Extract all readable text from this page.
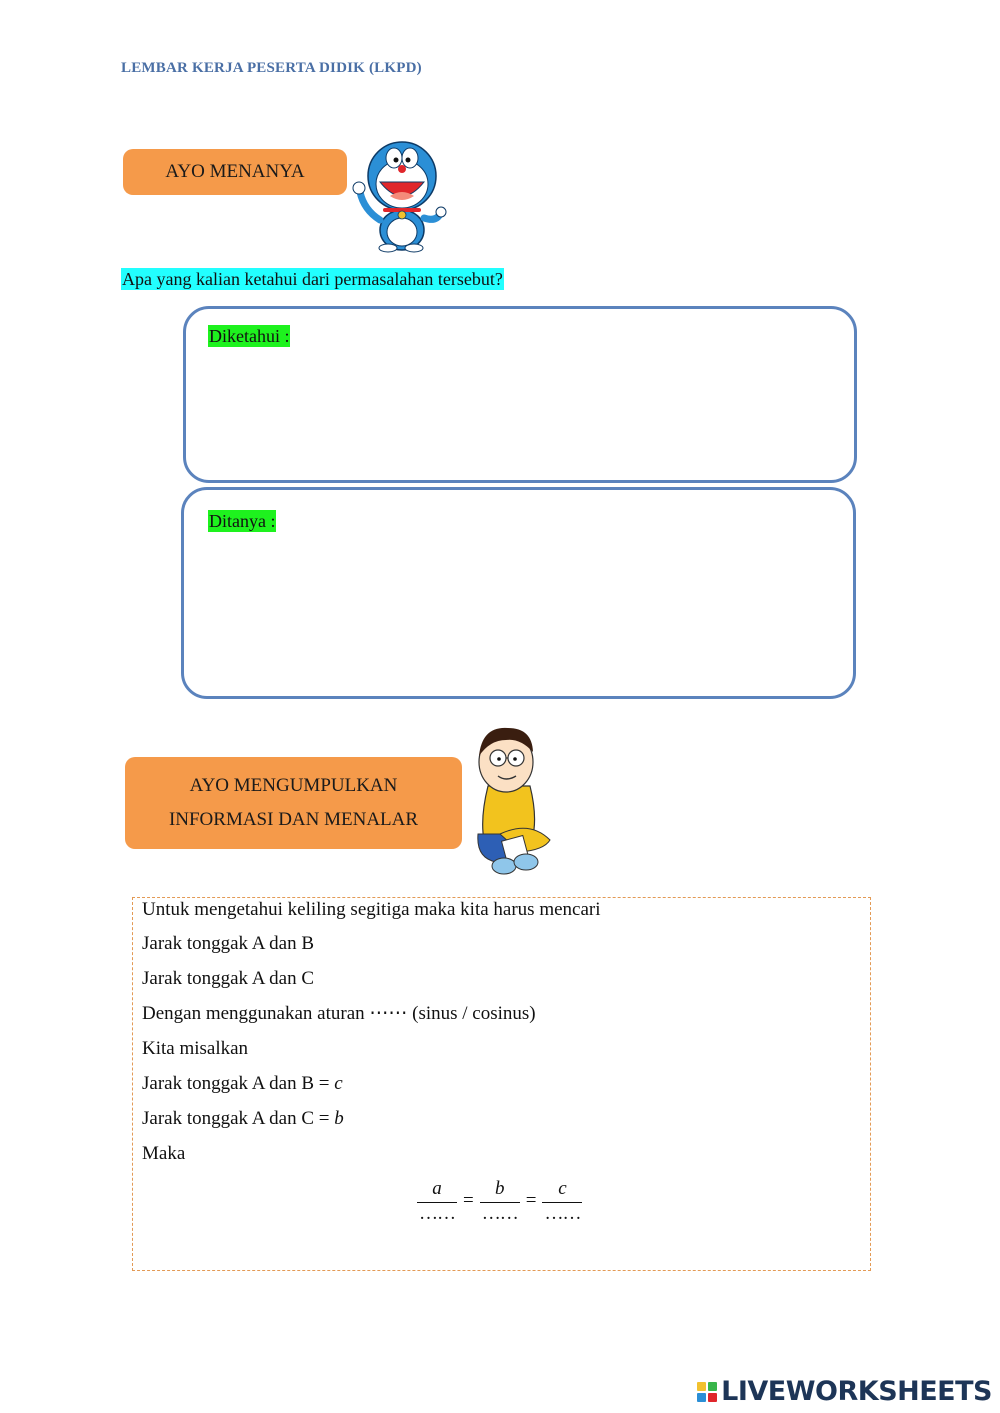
LEMBAR KERJA PESERTA DIDIK (LKPD)
AYO MENANYA
Apa yang kalian ketahui dari permasalahan tersebut?
Diketahui :
Ditanya :
AYO MENGUMPULKAN
INFORMASI DAN MENALAR
Untuk mengetahui keliling segitiga maka kita harus mencari
Jarak tonggak A dan B
Jarak tonggak A dan C
Dengan menggunakan aturan ⋯⋯ (sinus / cosinus)
Kita misalkan
Jarak tonggak A dan B = c
Jarak tonggak A dan C = b
Maka
$\frac{a}{\dots\dots} = \frac{b}{\dots\dots} = \frac{c}{\dots\dots}$
LIVEWORKSHEETS
